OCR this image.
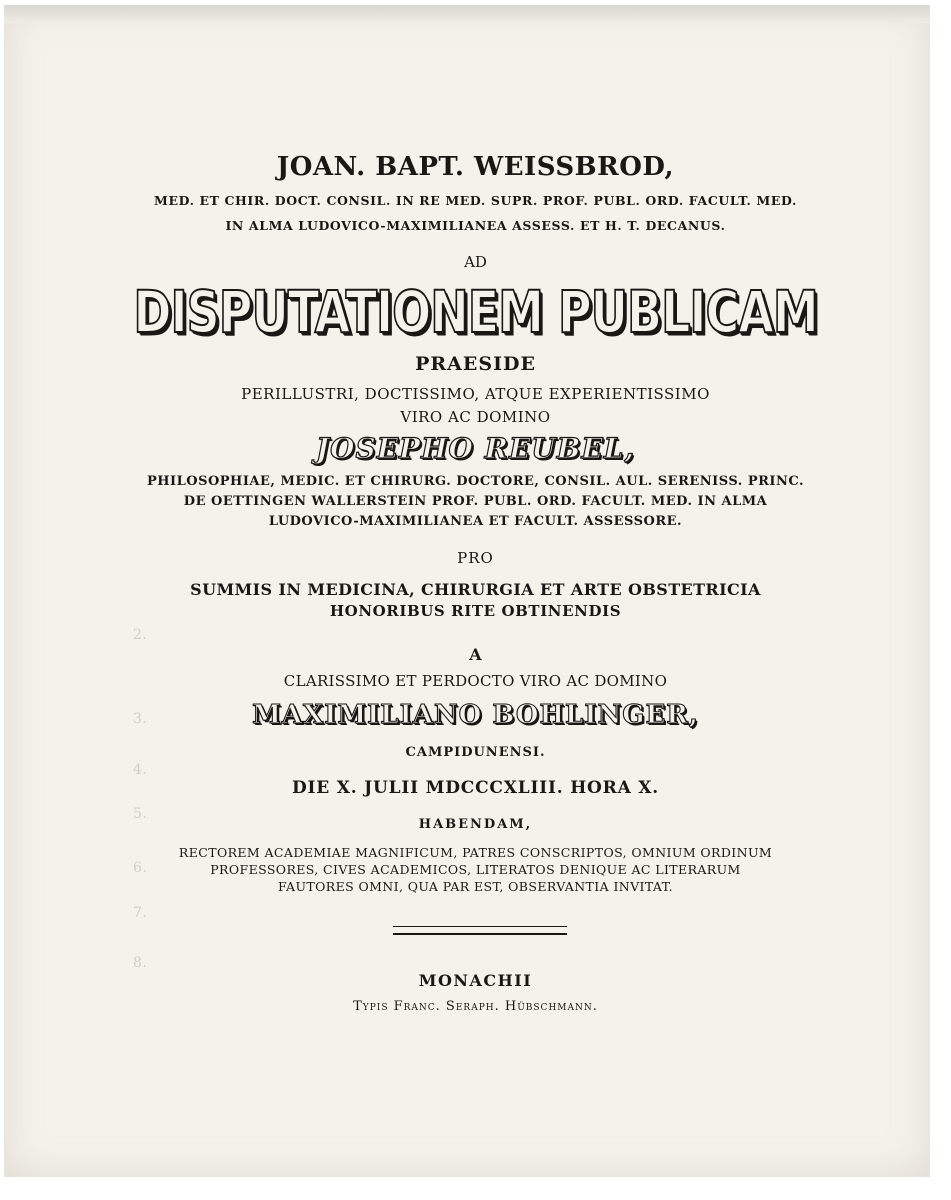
2.
3.
4.
5.
6.
7.
8.
JOAN. BAPT. WEISSBROD,
MED. ET CHIR. DOCT. CONSIL. IN RE MED. SUPR. PROF. PUBL. ORD. FACULT. MED.
IN ALMA LUDOVICO-MAXIMILIANEA ASSESS. ET H. T. DECANUS.
AD
DISPUTATIONEM PUBLICAM
PRAESIDE
PERILLUSTRI, DOCTISSIMO, ATQUE EXPERIENTISSIMO
VIRO AC DOMINO
JOSEPHO REUBEL,
PHILOSOPHIAE, MEDIC. ET CHIRURG. DOCTORE, CONSIL. AUL. SERENISS. PRINC.
DE OETTINGEN WALLERSTEIN PROF. PUBL. ORD. FACULT. MED. IN ALMA
LUDOVICO-MAXIMILIANEA ET FACULT. ASSESSORE.
PRO
SUMMIS IN MEDICINA, CHIRURGIA ET ARTE OBSTETRICIA
HONORIBUS RITE OBTINENDIS
A
CLARISSIMO ET PERDOCTO VIRO AC DOMINO
MAXIMILIANO BOHLINGER,
CAMPIDUNENSI.
DIE X. JULII MDCCCXLIII. HORA X.
HABENDAM,
RECTOREM ACADEMIAE MAGNIFICUM, PATRES CONSCRIPTOS, OMNIUM ORDINUM
PROFESSORES, CIVES ACADEMICOS, LITERATOS DENIQUE AC LITERARUM
FAUTORES OMNI, QUA PAR EST, OBSERVANTIA INVITAT.
MONACHII
Typis Franc. Seraph. Hübschmann.
